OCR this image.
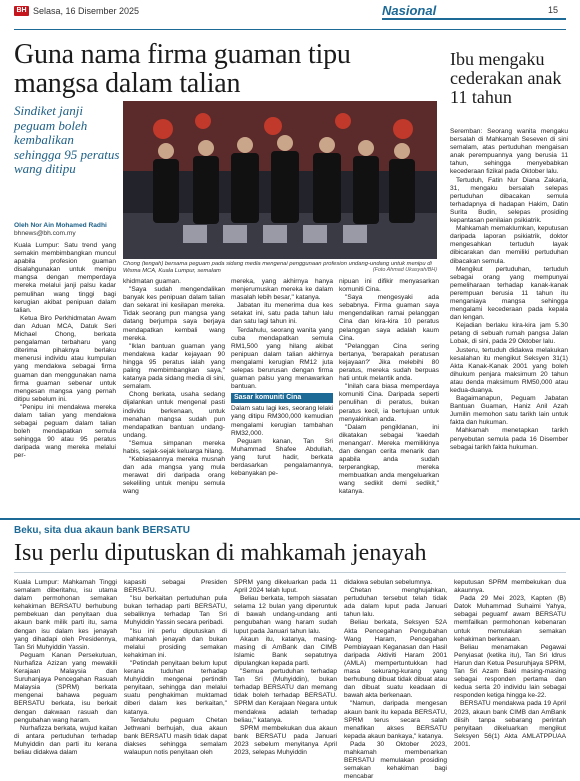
BH Selasa, 16 Disember 2025	Nasional	15
Guna nama firma guaman tipu mangsa dalam talian
Sindiket janji peguam boleh kembalikan sehingga 95 peratus wang ditipu
Oleh Nor Ain Mohamed Radhi
bhnews@bh.com.my
Chong (tengah) bersama peguam pada sidang media mengenai penggunaan profesion undang-undang untuk menipu di Wisma MCA, Kuala Lumpur, semalam	(Foto Ahmad Ukasyah/BH)

Kuala Lumpur: Satu trend yang semakin membimbangkan muncul apabila profesion guaman disalahgunakan untuk menipu mangsa dengan memperdaya mereka melalui janji palsu kadar pemulihan wang tinggi bagi kerugian akibat penipuan dalam talian.

Ketua Biro Perkhidmatan Awam dan Aduan MCA, Datuk Seri Michael Chong, berkata pengalaman terbaharu yang diterima pihaknya berlaku menerusi individu atau kumpulan yang mendakwa sebagai firma guaman dan menggunakan nama firma guaman sebenar untuk mengesan mangsa yang pernah ditipu sebelum ini.

"Penipu ini mendakwa mereka dalam talian yang mendakwa sebagai peguam dalam talian boleh mendapatkan semula sehingga 90 atau 95 peratus daripada wang mereka melalui per-

khidmatan guaman.

"Saya sudah mengendalikan banyak kes penipuan dalam talian dan sekarat ini kesilapan mereka. Tidak seorang pun mangsa yang datang berjumpa saya berjaya mendapatkan kembali wang mereka.

"Iklan bantuan guaman yang mendakwa kadar kejayaan 90 hingga 95 peratus ialah yang paling membimbangkan saya," katanya pada sidang media di sini, semalam.

Chong berkata, usaha sedang dijalankan untuk mengenal pasti individu berkenaan, untuk menahan mangsa sudah pun mendapatkan bantuan undang-undang.

"Semua simpanan mereka habis, sejak-sejak keluarga hilang.

"Kebiasaannya mereka musnah dan ada mangsa yang mula merawat diri daripada orang sekeliling untuk menipu semula wang

mereka, yang akhirnya hanya menjerumuskan mereka ke dalam masalah lebih besar," katanya.

Jabatan itu menerima dua kes setakat ini, satu pada tahun lalu dan satu lagi tahun ini.

Terdahulu, seorang wanita yang cuba mendapatkan semula RM1,500 yang hilang akibat penipuan dalam talian akhirnya mengalami kerugian RM12 juta selepas berurusan dengan firma guaman palsu yang menawarkan bantuan.

Sasar komuniti Cina

Dalam satu lagi kes, seorang lelaki yang ditipu RM300,000 kemudian mengalami kerugian tambahan RM32,000.

Peguam kanan, Tan Sri Muhammad Shafee Abdullah, yang turut hadir, berkata berdasarkan pengalamannya, kebanyakan pe-

nipuan ini difikir menyasarkan komuniti Cina.

"Saya mengesyaki ada sebabnya. Firma guaman saya mengendalikan ramai pelanggan Cina dan kira-kira 10 peratus pelanggan saya adalah kaum Cina.

"Pelanggan Cina sering bertanya, 'berapakah peratusan kejayaan?' Jika melebihi 80 peratus, mereka sudah berpuas hati untuk melantik anda.

"Inilah cara biasa memperdaya komuniti Cina. Daripada seperti penulihan di peratus, bukan peratus kecil, ia bertujuan untuk menyakinkan anda.

"Dalam pengiklanan, ini dikatakan sebagai 'kaedah menangan'. Mereka memilikinya dan dengan cerita menarik dan apabila anda sudah terperangkap, mereka membuatkan anda mengeluarkan wang sedikit demi sedikit," katanya.

Ibu mengaku cederakan anak 11 tahun

Seremban: Seorang wanita mengaku bersalah di Mahkamah Seseven di sini semalam, atas pertuduhan mengaisan anak perempuannya yang berusia 11 tahun, sehingga menyebabkan kecederaan fizikal pada Oktober lalu.

Tertuduh, Fatin Nur Diana Zakaria, 31, mengaku bersalah selepas pertuduhan dibacakan semula terhadapnya di hadapan Hakim, Datin Surita Budin, selepas prosiding kepantasan penilaian psikiatrik.

Mahkamah memaklumkan, keputusan daripada laporan psikiatrik, doktor mengesahkan tertuduh layak dibicarakan dan memiliki pertuduhan dibacakan semula.

Mengikut pertuduhan, tertuduh sebagai orang yang mempunyai pemeliharaan terhadap kanak-kanak perempuan berusia 11 tahun itu menganiaya mangsa sehingga mengalami kecederaan pada kepala dan lengan.

Kejadian berlaku kira-kira jam 5.30 petang di sebuah rumah pangsa Jalan Lobak, di sini, pada 29 Oktober lalu.

Justeru, tertuduh didakwa melakukan kesalahan itu mengikut Seksyen 31(1) Akta Kanak-Kanak 2001 yang boleh dihukum penjara maksimum 20 tahun atau denda maksimum RM50,000 atau kedua-duanya.

Bagaimanapun, Peguam Jabatan Bantuan Guaman, Haniz Anil Azah Jumilin memohon satu tarikh lain untuk fakta dan hukuman.

Mahkamah menetapkan tarikh penyebutan semula pada 16 Disember sebagai tarikh fakta hukuman.

Beku, sita dua akaun bank BERSATU
Isu perlu diputuskan di mahkamah jenayah

Kuala Lumpur: Mahkamah Tinggi semalam diberitahu, isu utama dalam permohonan semakan kehakiman BERSATU berhubung pembekuan dan penyitaan dua akaun bank milik parti itu, sama dengan isu dalam kes jenayah yang dihadapi oleh Presidennya, Tan Sri Muhyiddin Yassin.

Peguam Kanan Persekutuan, Nurhafiza Azizan yang mewakili Kerajaan Malaysia dan Suruhanjaya Pencegahan Rasuah Malaysia (SPRM) berkata mengenai bahawa peguam BERSATU berkata, isu berkait dengan dakwaan rasuah dan pengubahan wang haram.

Nurhafizza berkata, wujud kaitan di antara pertuduhan terhadap Muhyiddin dan parti itu kerana beliau didakwa dalam

kapasiti sebagai Presiden BERSATU.

"Isu berkaitan pertuduhan pula bukan terhadap parti BERSATU, sebaliknya terhadap Tan Sri Muhyiddin Yassin secara peribadi.

"Isu ini perlu diputuskan di mahkamah jenayah dan bukan melalui prosiding semakan kehakiman ini.

"Petindah penyitaan belum luput kerana tuduhan terhadap Muhyiddin mengenai pertindih penyitaan, sehingga dan melalui suatu penghakiman muktamad diberi dalam kes berkaitan," katanya.

Terdahulu peguam Chetan Jethwani berhujah, dua akaun bank BERSATU masih tidak dapat diakses sehingga semalam walaupun notis penyitaan oleh

SPRM yang dikeluarkan pada 11 April 2024 telah luput.

Beliau berkata, tempoh siasatan selama 12 bulan yang diperuntuk di bawah undang-undang anti pengubahan wang haram sudah luput pada Januari tahun lalu.

Akaun itu, katanya, masing-masing di AmBank dan CIMB Islamic Bank sepatutnya dipulangkan kepada parti.

"Semua pertuduhan terhadap Tan Sri (Muhyiddin), bukan terhadap BERSATU dan memang tidak boleh terhadap BERSATU. SPRM dan Kerajaan Negara untuk mendakwa adalah terhadap beliau," katanya.

SPRM membekukan dua akaun bank BERSATU pada Januari 2023 sebelum menyitanya April 2023, selepas Muhyiddin

didakwa sebulan sebelumnya.

Chetan menghujahkan, pertuduhan tersebut telah tidak ada dalam luput pada Januari tahun lalu.

Beliau berkata, Seksyen 52A Akta Pencegahan Pengubahan Wang Haram, Pencegahan Pembiayaan Keganasan dan Hasil daripada Aktiviti Haram 2001 (AMLA) mempertuntukkan had masa sekurang-kurang yang berhubung dibuat tidak dibuat atau dan dibuat suatu keadaan di bawah akta berkenaan.

"Namun, daripada mengesan akaun bank itu kepada BERSATU, SPRM terus secara salah menafikan akses BERSATU kepada akaun bankaya," katanya.

Pada 30 Oktober 2023, mahkamah membenarkan BERSATU memulakan prosiding semakan kehakiman bagi mencabar

keputusan SPRM membekukan dua akaunnya.

Pada 29 Mei 2023, Kapten (B) Datok Muhammad Suhaimi Yahya, sebagai peguamf awam BERSATU memfailkan permohonan kebenaran untuk memulakan semakan kehakiman berkenaan.

Beliau menamakan Pegawai Penyiasat (ketika itu), Tan Sri Idrus Harun dan Ketua Pesuruhjaya SPRM, Tan Sri Azam Baki masing-masing sebagai responden pertama dan kedua serta 20 individu lain sebagai responden ketiga hingga ke-22.

BERSATU mendakwa pada 19 April 2023, akaun bank CIMB dan AmBank diisih tanpa sebarang perintah penyitaan dikeluarkan mengikut Seksyen 56(1) Akta AMLATPPUAA 2001.
